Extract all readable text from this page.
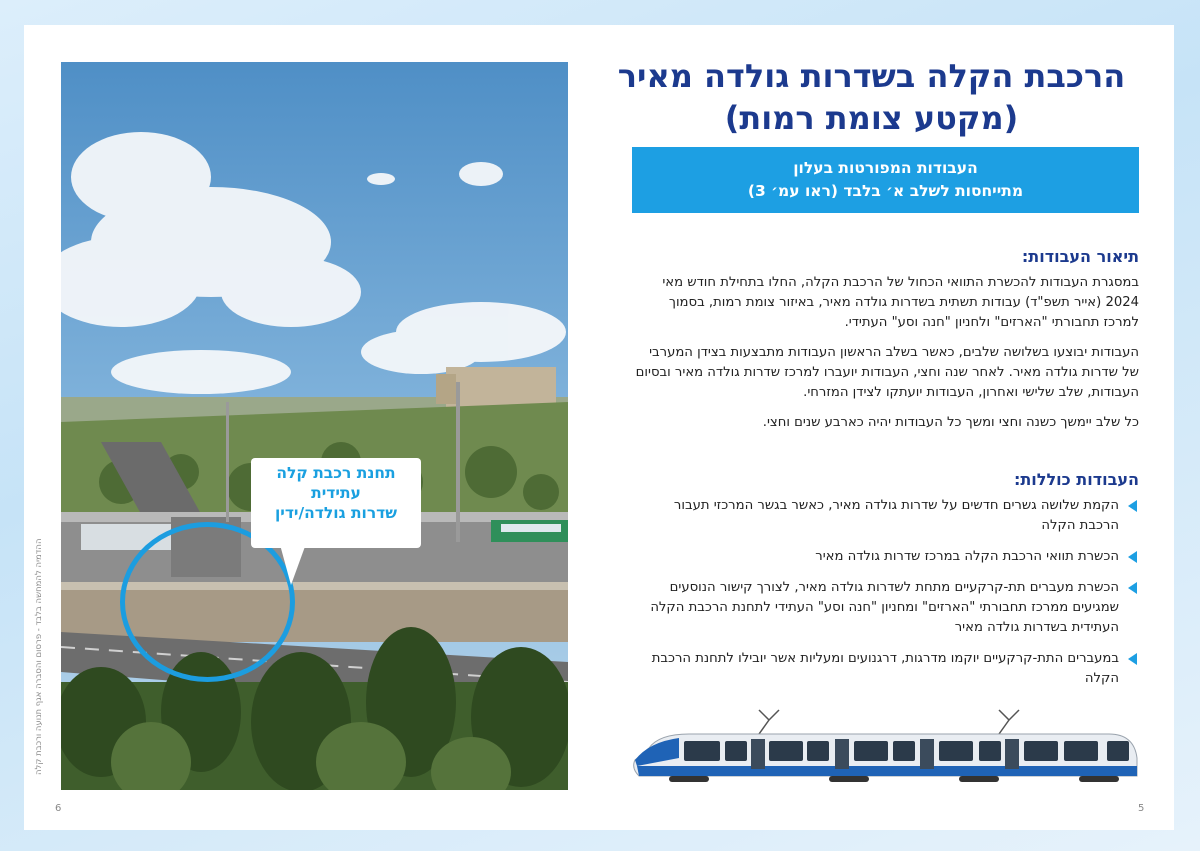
ההדמיה להמחשה בלבד - פרסום והסברה אגף תנועה ורכבת קלה
תחנת רכבת קלה
עתידית
שדרות גולדה/ידין
6
הרכבת הקלה בשדרות גולדה מאיר
(מקטע צומת רמות)
העבודות המפורטות בעלון
מתייחסות לשלב א׳ בלבד (ראו עמ׳ 3)
תיאור העבודות:

במסגרת העבודות להכשרת התוואי הכחול של הרכבת הקלה, החלו בתחילת חודש מאי 2024 (אייר תשפ"ד) עבודות תשתית בשדרות גולדה מאיר, באיזור צומת רמות, בסמוך למרכז תחבורתי "הארזים" ולחניון "חנה וסע" העתידי.

העבודות יבוצעו בשלושה שלבים, כאשר בשלב הראשון העבודות מתבצעות בצידן המערבי של שדרות גולדה מאיר. לאחר שנה וחצי, העבודות יועברו למרכז שדרות גולדה מאיר ובסיום העבודות, שלב שלישי ואחרון, העבודות יועתקו לצידן המזרחי.

כל שלב יימשך כשנה וחצי ומשך כל העבודות יהיה כארבע שנים וחצי.

העבודות כוללות:
הקמת שלושה גשרים חדשים על שדרות גולדה מאיר, כאשר בגשר המרכזי תעבור הרכבת הקלה
הכשרת תוואי הרכבת הקלה במרכז שדרות גולדה מאיר
הכשרת מעברים תת-קרקעיים מתחת לשדרות גולדה מאיר, לצורך קישור הנוסעים שמגיעים ממרכז תחבורתי "הארזים" ומחניון "חנה וסע" העתידי לתחנת הרכבת הקלה העתידית בשדרות גולדה מאיר
במעברים התת-קרקעיים יוקמו מדרגות, דרגנועים ומעליות אשר יובילו לתחנת הרכבת הקלה
5
